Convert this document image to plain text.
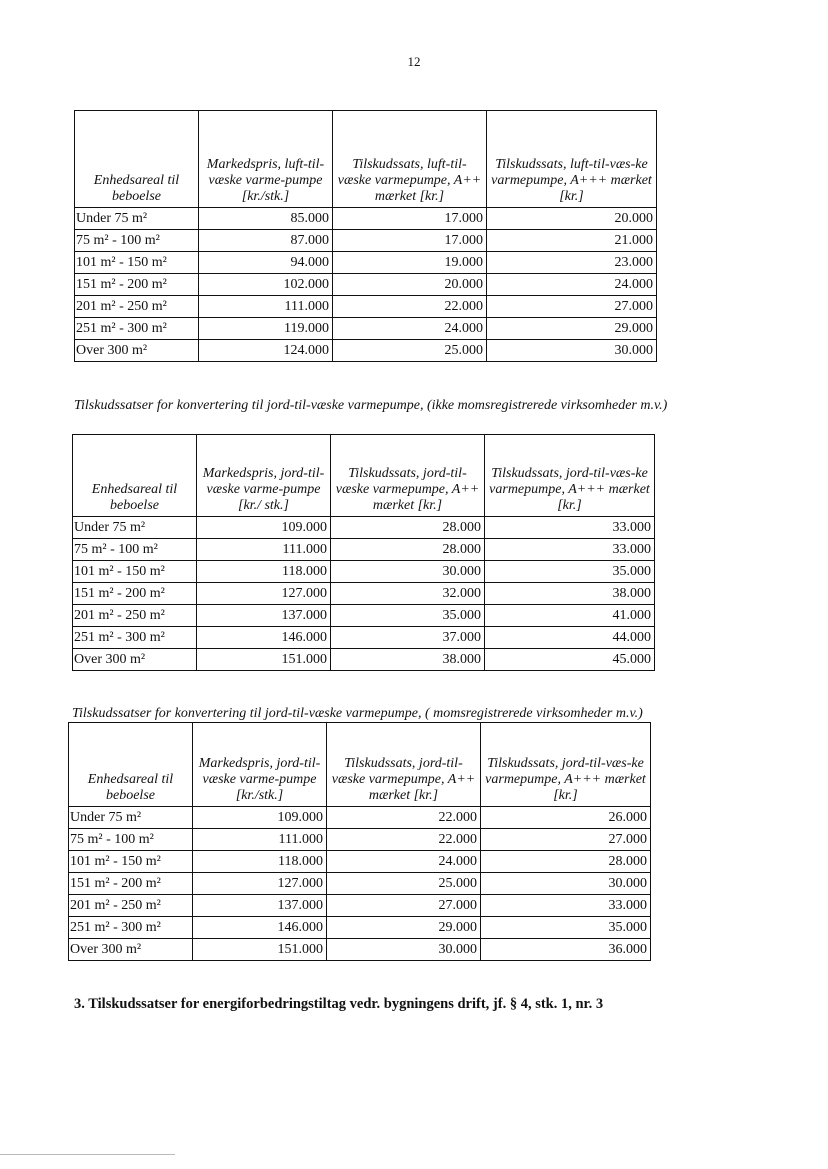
12
Enhedsareal til beboelse	Markedspris, luft-til-væske varme-pumpe [kr./stk.]	Tilskudssats, luft-til-væske varmepumpe, A++ mærket [kr.]	Tilskudssats, luft-til-væs-ke varmepumpe, A+++ mærket [kr.]
Under 75 m²	85.000	17.000	20.000
75 m² - 100 m²	87.000	17.000	21.000
101 m² - 150 m²	94.000	19.000	23.000
151 m² - 200 m²	102.000	20.000	24.000
201 m² - 250 m²	111.000	22.000	27.000
251 m² - 300 m²	119.000	24.000	29.000
Over 300 m²	124.000	25.000	30.000
Tilskudssatser for konvertering til jord-til-væske varmepumpe, (ikke momsregistrerede virksomheder m.v.)
Enhedsareal til beboelse	Markedspris, jord-til-væske varme-pumpe [kr./ stk.]	Tilskudssats, jord-til-væske varmepumpe, A++ mærket [kr.]	Tilskudssats, jord-til-væs-ke varmepumpe, A+++ mærket [kr.]
Under 75 m²	109.000	28.000	33.000
75 m² - 100 m²	111.000	28.000	33.000
101 m² - 150 m²	118.000	30.000	35.000
151 m² - 200 m²	127.000	32.000	38.000
201 m² - 250 m²	137.000	35.000	41.000
251 m² - 300 m²	146.000	37.000	44.000
Over 300 m²	151.000	38.000	45.000
Tilskudssatser for konvertering til jord-til-væske varmepumpe, ( momsregistrerede virksomheder m.v.)
Enhedsareal til beboelse	Markedspris, jord-til-væske varme-pumpe [kr./stk.]	Tilskudssats, jord-til-væske varmepumpe, A++ mærket [kr.]	Tilskudssats, jord-til-væs-ke varmepumpe, A+++ mærket [kr.]
Under 75 m²	109.000	22.000	26.000
75 m² - 100 m²	111.000	22.000	27.000
101 m² - 150 m²	118.000	24.000	28.000
151 m² - 200 m²	127.000	25.000	30.000
201 m² - 250 m²	137.000	27.000	33.000
251 m² - 300 m²	146.000	29.000	35.000
Over 300 m²	151.000	30.000	36.000
3. Tilskudssatser for energiforbedringstiltag vedr. bygningens drift, jf. § 4, stk. 1, nr. 3
